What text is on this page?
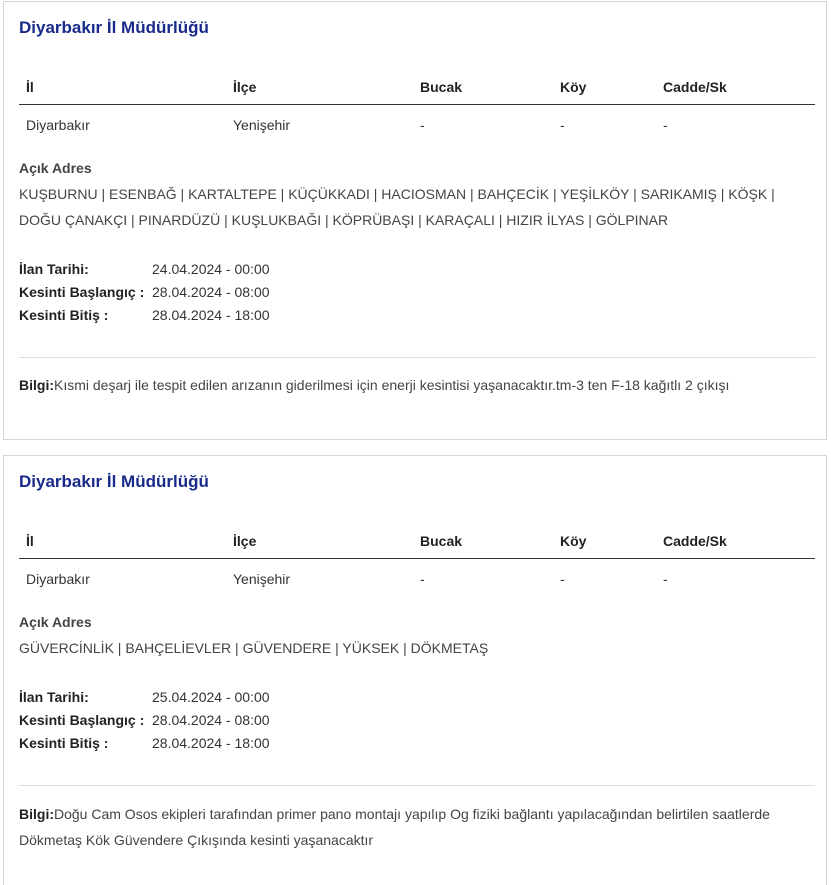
Diyarbakır İl Müdürlüğü
İl	İlçe	Bucak	Köy	Cadde/Sk
Diyarbakır	Yenişehir	-	-	-
Açık Adres
KUŞBURNU | ESENBAĞ | KARTALTEPE | KÜÇÜKKADI | HACIOSMAN | BAHÇECİK | YEŞİLKÖY | SARIKAMIŞ | KÖŞK | DOĞU ÇANAKÇI | PINARDÜZÜ | KUŞLUKBAĞI | KÖPRÜBAŞI | KARAÇALI | HIZIR İLYAS | GÖLPINAR
İlan Tarihi:	24.04.2024 - 00:00
Kesinti Başlangıç : 28.04.2024 - 08:00
Kesinti Bitiş :	28.04.2024 - 18:00
Bilgi:Kısmi deşarj ile tespit edilen arızanın giderilmesi için enerji kesintisi yaşanacaktır.tm-3 ten F-18 kağıtlı 2 çıkışı
Diyarbakır İl Müdürlüğü
İl	İlçe	Bucak	Köy	Cadde/Sk
Diyarbakır	Yenişehir	-	-	-
Açık Adres
GÜVERCİNLİK | BAHÇELİEVLER | GÜVENDERE | YÜKSEK | DÖKMETAŞ
İlan Tarihi:	25.04.2024 - 00:00
Kesinti Başlangıç : 28.04.2024 - 08:00
Kesinti Bitiş :	28.04.2024 - 18:00
Bilgi:Doğu Cam Osos ekipleri tarafından primer pano montajı yapılıp Og fiziki bağlantı yapılacağından belirtilen saatlerde Dökmetaş Kök Güvendere Çıkışında kesinti yaşanacaktır
